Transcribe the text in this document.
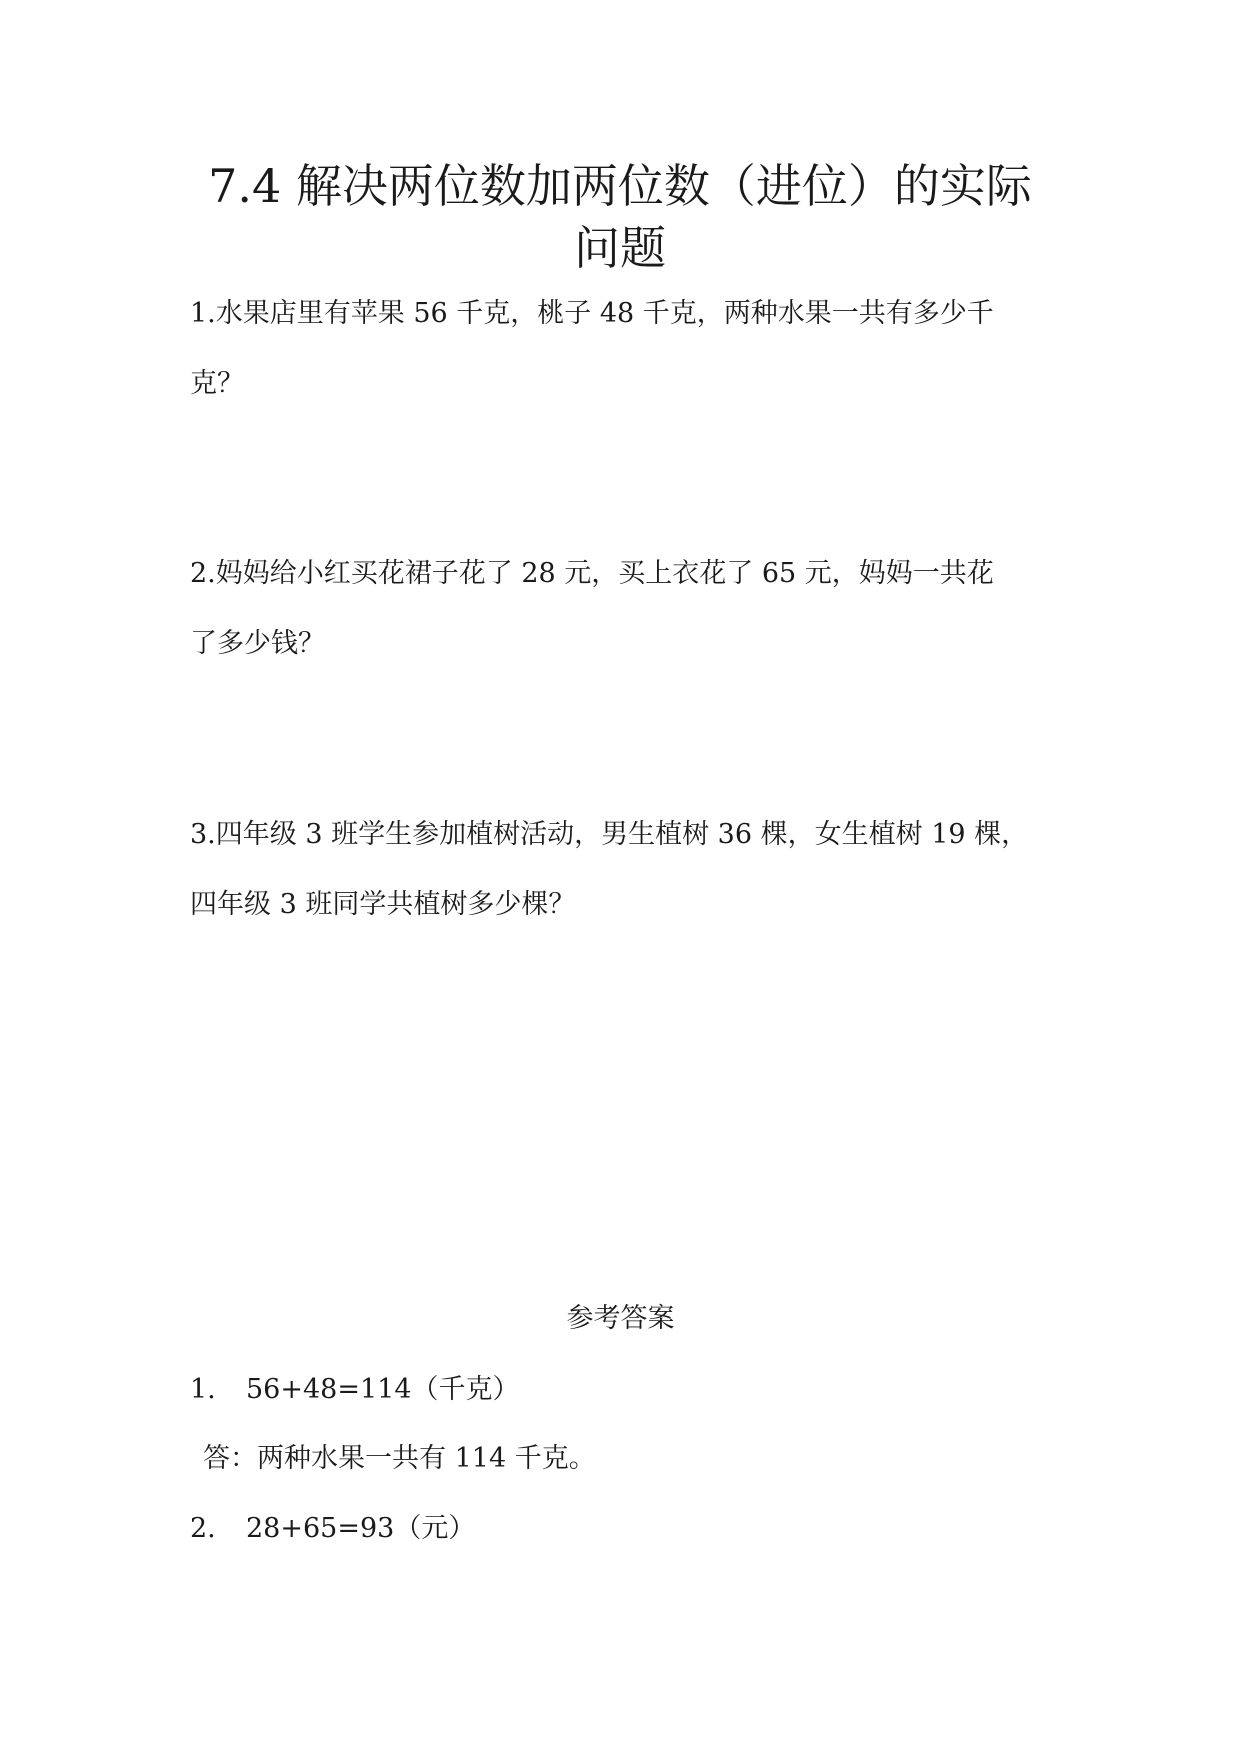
7.4 解决两位数加两位数（进位）的实际
问题

1.水果店里有苹果 56 千克，桃子 48 千克，两种水果一共有多少千

克？

2.妈妈给小红买花裙子花了 28 元，买上衣花了 65 元，妈妈一共花

了多少钱？

3.四年级 3 班学生参加植树活动，男生植树 36 棵，女生植树 19 棵，

四年级 3 班同学共植树多少棵？

参考答案

1. 56+48=114（千克）

答：两种水果一共有 114 千克。

2. 28+65=93（元）
